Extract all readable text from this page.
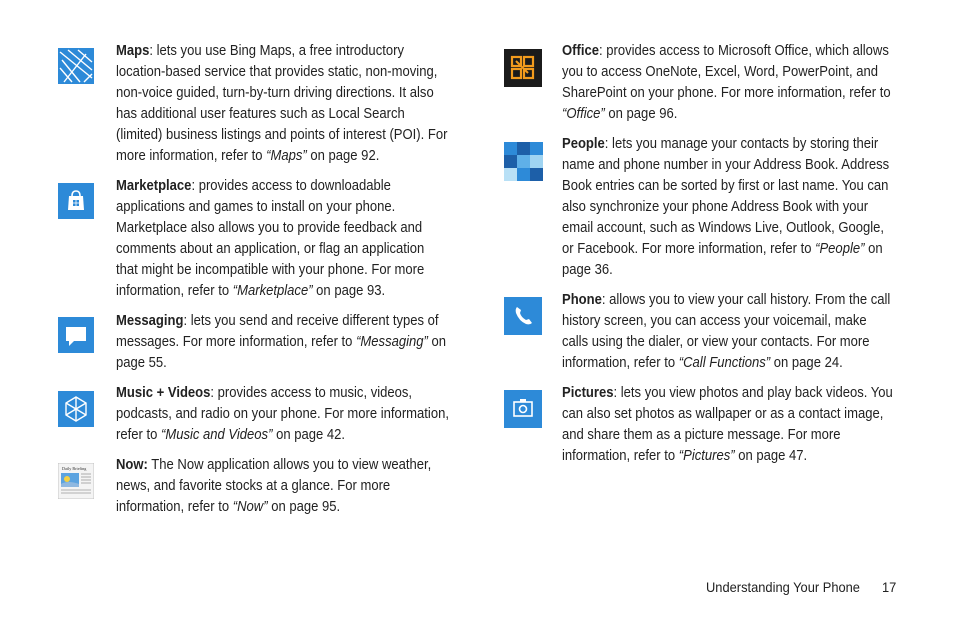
Maps: lets you use Bing Maps, a free introductory location-based service that provides static, non-moving, non-voice guided, turn-by-turn driving directions. It also has additional user features such as Local Search (limited) business listings and points of interest (POI). For more information, refer to “Maps” on page 92.
Marketplace: provides access to downloadable applications and games to install on your phone. Marketplace also allows you to provide feedback and comments about an application, or flag an application that might be incompatible with your phone. For more information, refer to “Marketplace” on page 93.
Messaging: lets you send and receive different types of messages. For more information, refer to “Messaging” on page 55.
Music + Videos: provides access to music, videos, podcasts, and radio on your phone. For more information, refer to “Music and Videos” on page 42.
Daily Briefing Now: The Now application allows you to view weather, news, and favorite stocks at a glance. For more information, refer to “Now” on page 95.
Office: provides access to Microsoft Office, which allows you to access OneNote, Excel, Word, PowerPoint, and SharePoint on your phone. For more information, refer to “Office” on page 96.
People: lets you manage your contacts by storing their name and phone number in your Address Book. Address Book entries can be sorted by first or last name. You can also synchronize your phone Address Book with your email account, such as Windows Live, Outlook, Google, or Facebook. For more information, refer to “People” on page 36.
Phone: allows you to view your call history. From the call history screen, you can access your voicemail, make calls using the dialer, or view your contacts. For more information, refer to “Call Functions” on page 24.
Pictures: lets you view photos and play back videos. You can also set photos as wallpaper or as a contact image, and share them as a picture message. For more information, refer to “Pictures” on page 47.
Understanding Your Phone 17
